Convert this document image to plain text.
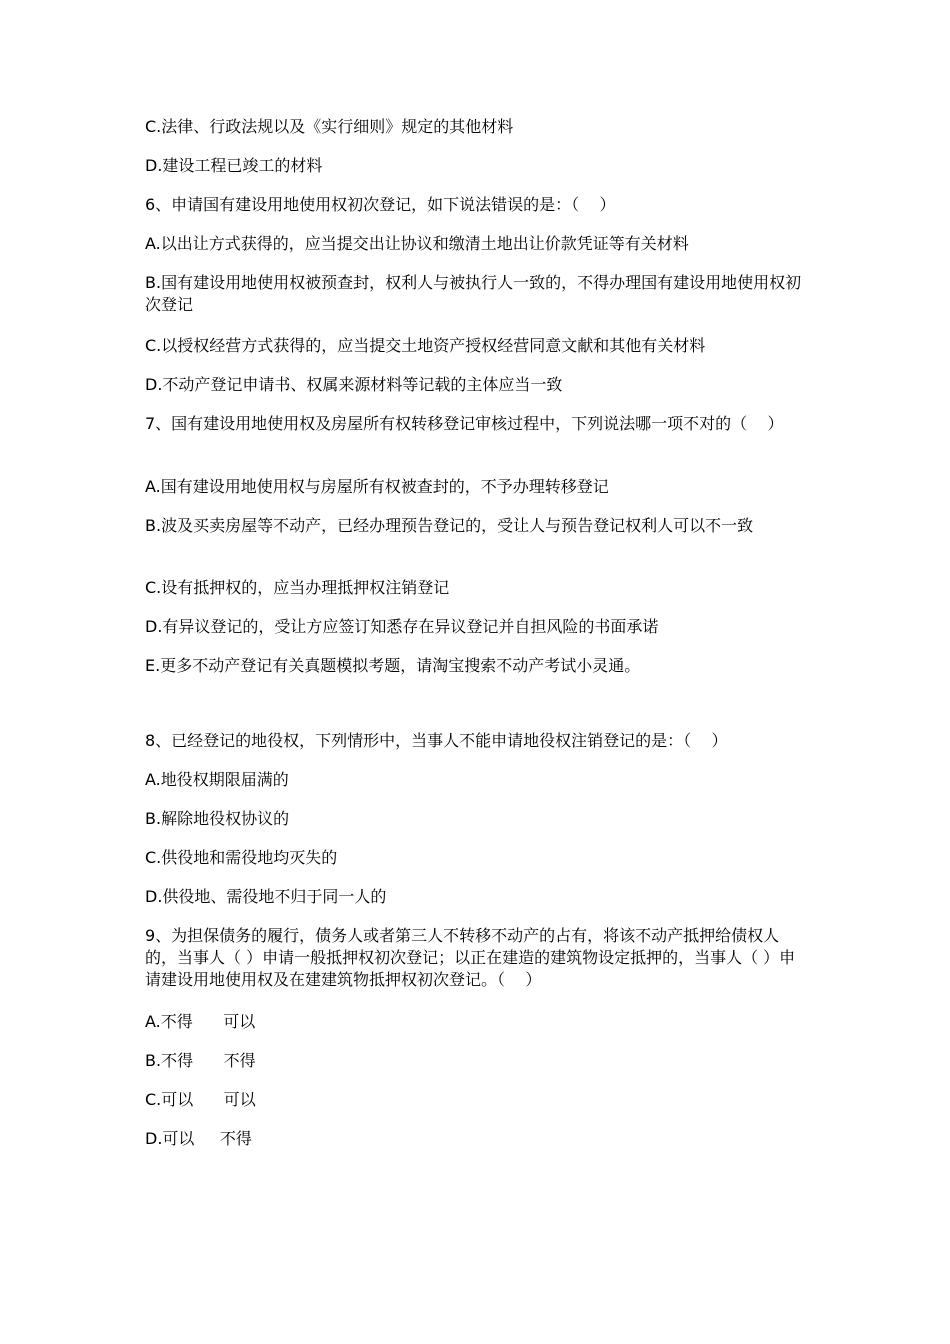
C.法律、行政法规以及《实行细则》规定的其他材料
D.建设工程已竣工的材料
6、申请国有建设用地使用权初次登记，如下说法错误的是：（    ）
A.以出让方式获得的，应当提交出让协议和缴清土地出让价款凭证等有关材料
B.国有建设用地使用权被预查封，权利人与被执行人一致的，不得办理国有建设用地使用权初次登记
C.以授权经营方式获得的，应当提交土地资产授权经营同意文献和其他有关材料
D.不动产登记申请书、权属来源材料等记载的主体应当一致
7、国有建设用地使用权及房屋所有权转移登记审核过程中，下列说法哪一项不对的（    ）
A.国有建设用地使用权与房屋所有权被查封的，不予办理转移登记
B.波及买卖房屋等不动产，已经办理预告登记的，受让人与预告登记权利人可以不一致
C.设有抵押权的，应当办理抵押权注销登记
D.有异议登记的，受让方应签订知悉存在异议登记并自担风险的书面承诺
E.更多不动产登记有关真题模拟考题，请淘宝搜索不动产考试小灵通。
8、已经登记的地役权，下列情形中，当事人不能申请地役权注销登记的是：（    ）
A.地役权期限届满的
B.解除地役权协议的
C.供役地和需役地均灭失的
D.供役地、需役地不归于同一人的
9、为担保债务的履行，债务人或者第三人不转移不动产的占有，将该不动产抵押给债权人的，当事人（ ）申请一般抵押权初次登记；以正在建造的建筑物设定抵押的，当事人（ ）申请建设用地使用权及在建建筑物抵押权初次登记。（    ）
A.不得      可以
B.不得      不得
C.可以      可以
D.可以     不得
